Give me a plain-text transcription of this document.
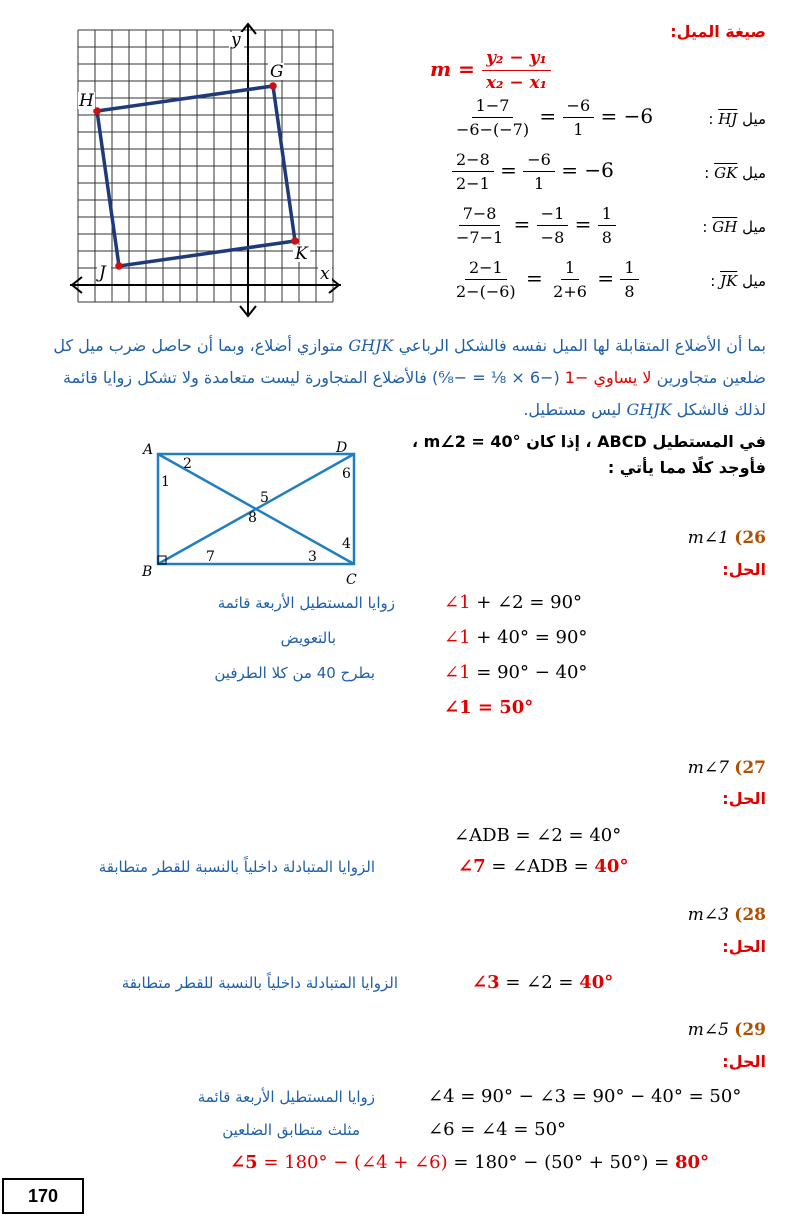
G
H
J
K
x
y	صيغة الميل:
$m = \frac{\text{y₂ − y₁}}{\text{x₂ − x₁}}$
$\frac{1-7}{-6-(-7)} = \frac{-6}{1} = -6$	ميل HJ :
$\frac{2-8}{2-1} = \frac{-6}{1} = -6$	ميل GK :
$\frac{7-8}{-7-1} = \frac{-1}{-8} = \frac{1}{8}$	ميل GH :
$\frac{2-1}{2-(-6)} = \frac{1}{2+6} = \frac{1}{8}$	ميل JK :
بما أن الأضلاع المتقابلة لها الميل نفسه فالشكل الرباعي GHJK متوازي أضلاع، وبما أن حاصل ضرب ميل كل
ضلعين متجاورين لا يساوي −1 (−6 × ⅛ = −⁶⁄₈) فالأضلاع المتجاورة ليست متعامدة ولا تشكل زوايا قائمة
لذلك فالشكل GHJK ليس مستطيل.
في المستطيل ABCD ، إذا كان m∠2 = 40° ،
فأوجد كلًا مما يأتي :
A
B	C
D
1
2
3
4
5
6
7
8
m∠1 (26
الحل:
∠1 + ∠2 = 90°
زوايا المستطيل الأربعة قائمة
∠1 + 40° = 90°
بالتعويض
∠1 = 90° − 40°
بطرح 40 من كلا الطرفين
∠1 = 50°
m∠7 (27
الحل:
∠ADB = ∠2 = 40°
∠7 = ∠ADB = 40°
الزوايا المتبادلة داخلياً بالنسبة للقطر متطابقة
m∠3 (28
الحل:
∠3 = ∠2 = 40°
الزوايا المتبادلة داخلياً بالنسبة للقطر متطابقة
m∠5 (29
الحل:
∠4 = 90° − ∠3 = 90° − 40° = 50°
زوايا المستطيل الأربعة قائمة
∠6 = ∠4 = 50°
مثلث متطابق الضلعين
∠5 = 180° − (∠4 + ∠6) = 180° − (50° + 50°) = 80°
170
